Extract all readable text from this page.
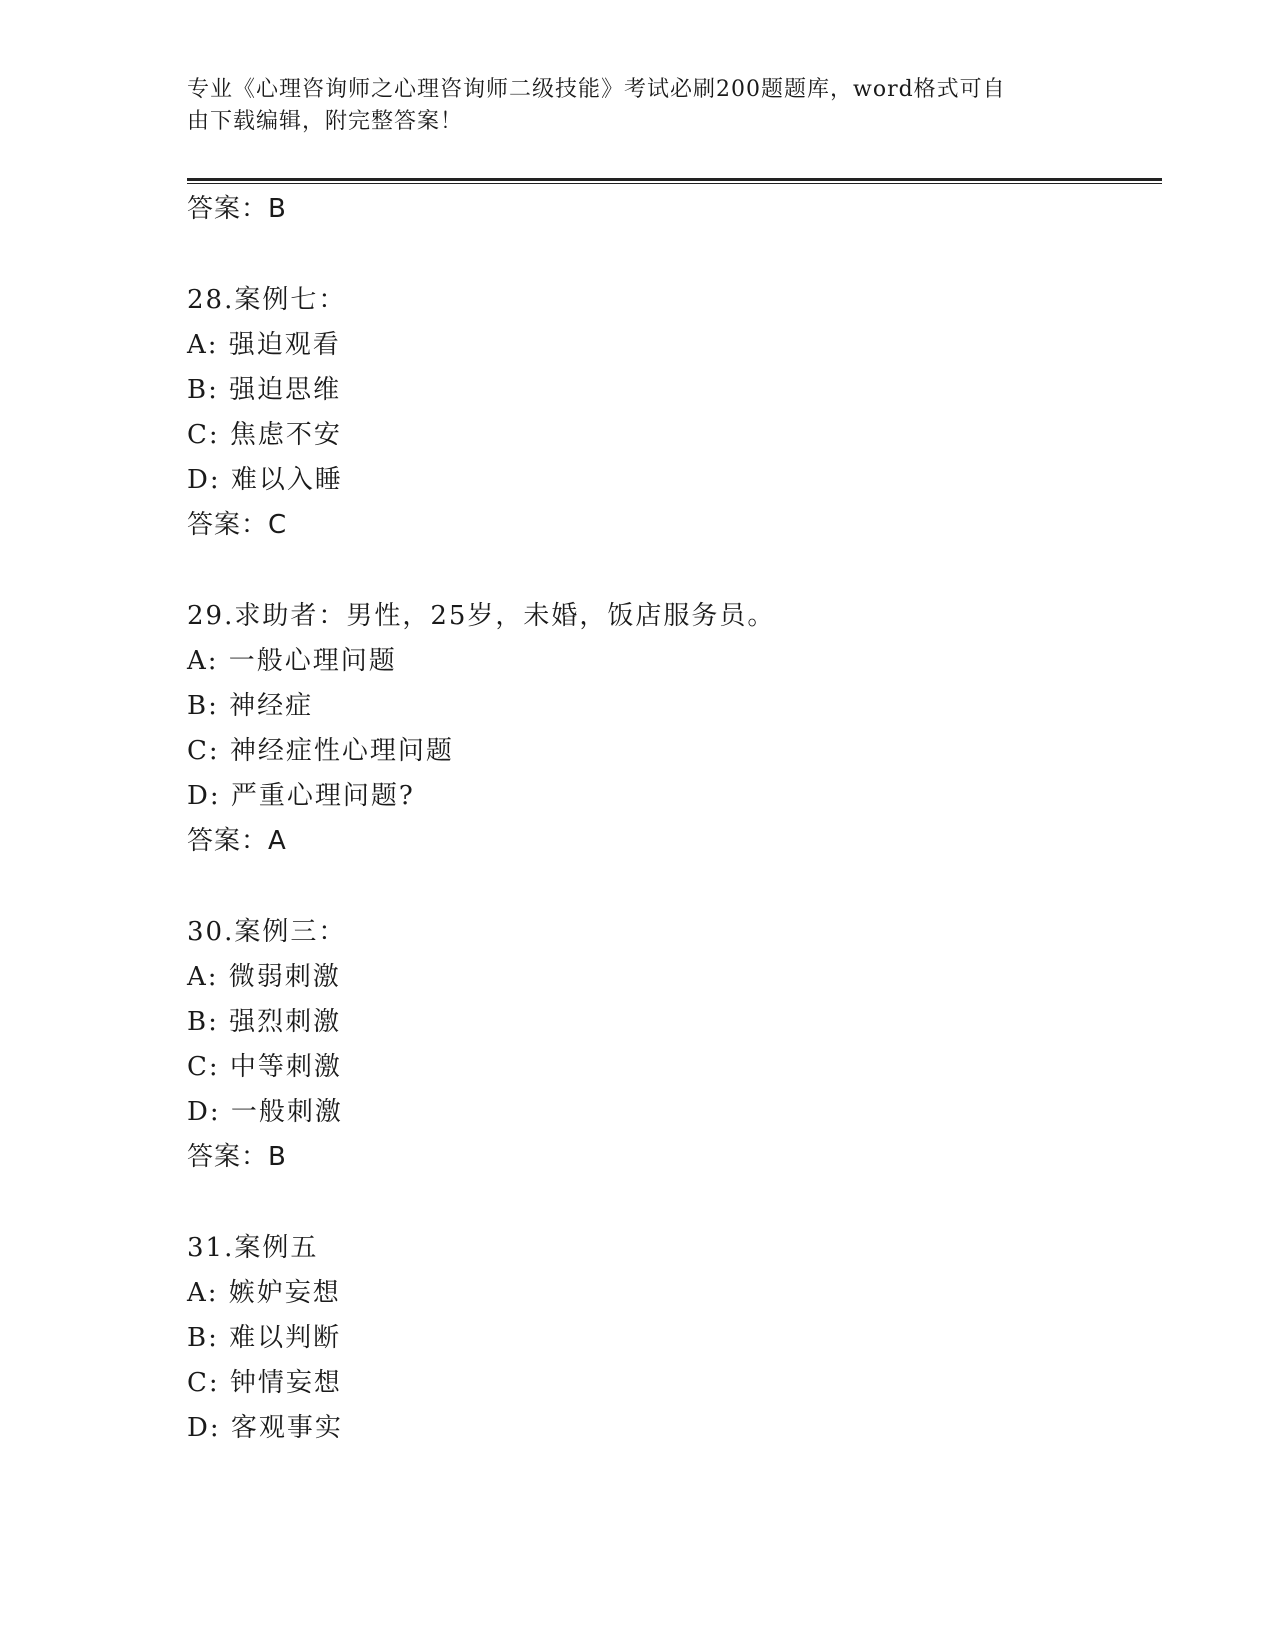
专业《心理咨询师之心理咨询师二级技能》考试必刷200题题库，word格式可自
由下载编辑，附完整答案！
答案：B
28.案例七：
A: 强迫观看
B: 强迫思维
C: 焦虑不安
D: 难以入睡
答案：C
29.求助者：男性，25岁，未婚，饭店服务员。
A: 一般心理问题
B: 神经症
C: 神经症性心理问题
D: 严重心理问题?
答案：A
30.案例三：
A: 微弱刺激
B: 强烈刺激
C: 中等刺激
D: 一般刺激
答案：B
31.案例五
A: 嫉妒妄想
B: 难以判断
C: 钟情妄想
D: 客观事实
